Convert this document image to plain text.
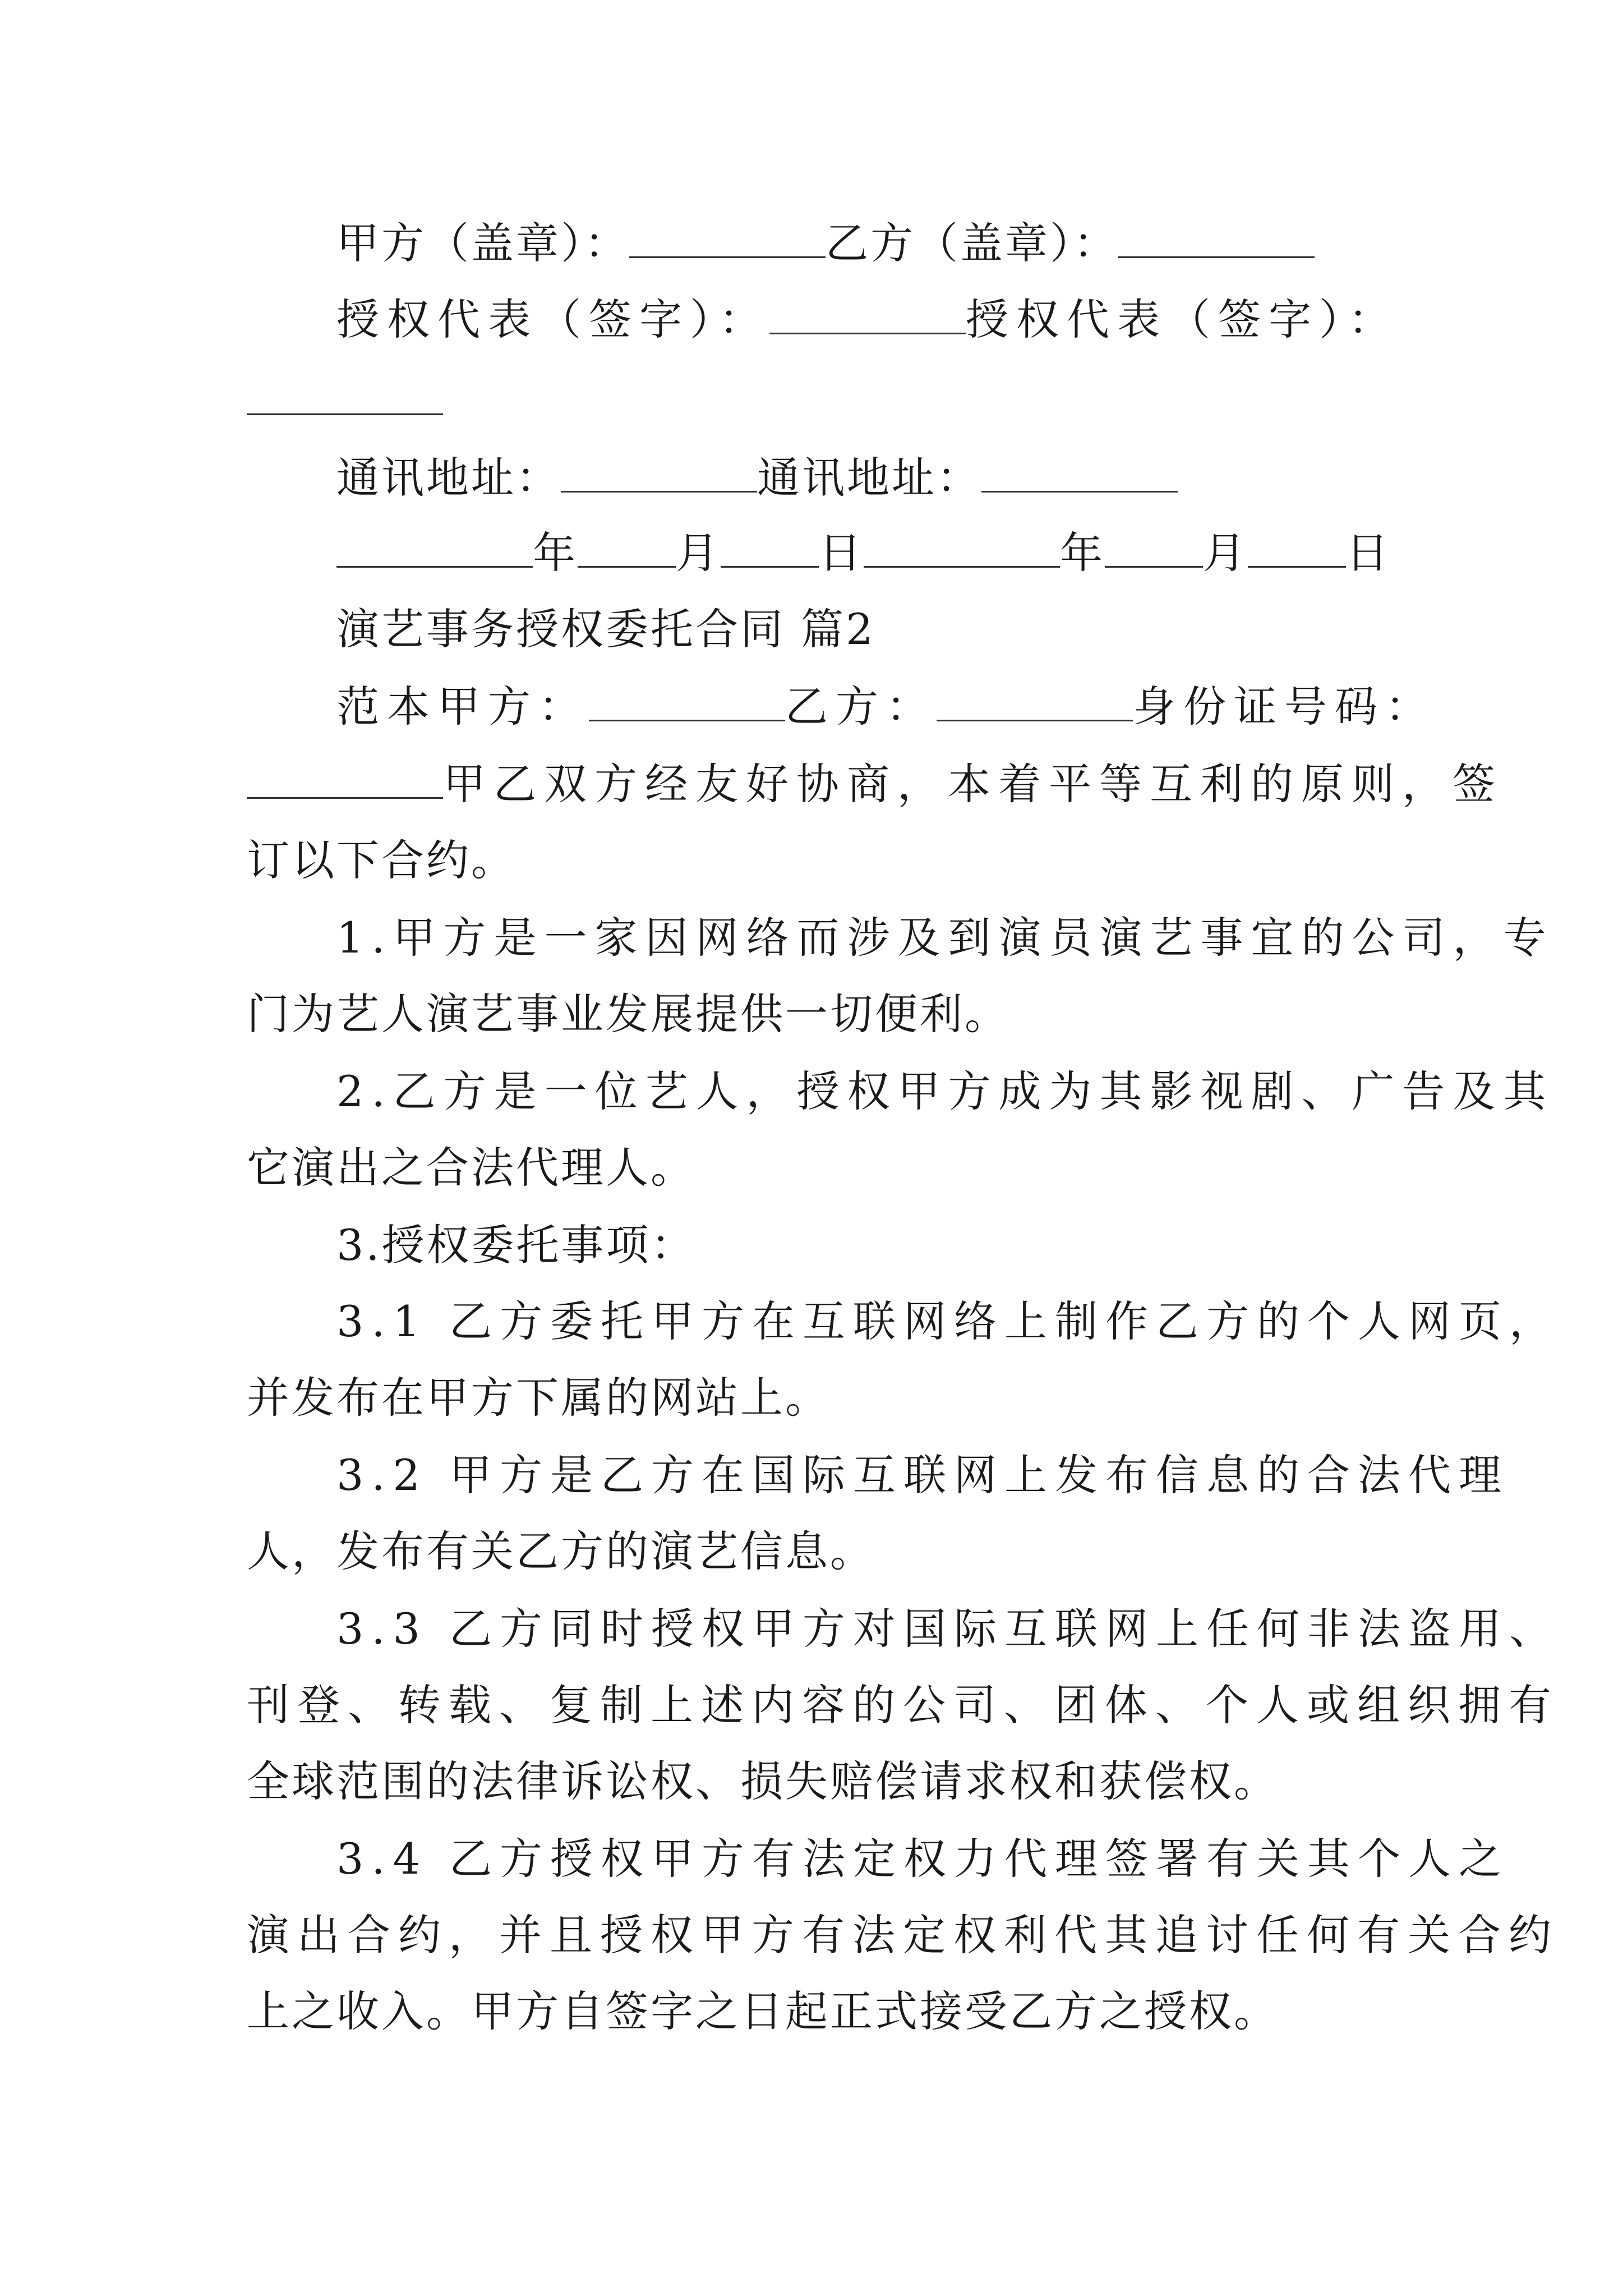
甲方（盖章）：	乙方（盖章）：
授权代表（签字）：	授权代表（签字）：
通讯地址：	通讯地址：
年 月 日	年 月 日
演艺事务授权委托合同 篇2
范本甲方：	乙方：	身份证号码：
甲乙双方经友好协商，本着平等互利的原则，签
订以下合约。
1.甲方是一家因网络而涉及到演员演艺事宜的公司，专
门为艺人演艺事业发展提供一切便利。
2.乙方是一位艺人，授权甲方成为其影视剧、广告及其
它演出之合法代理人。
3.授权委托事项：
3.1 乙方委托甲方在互联网络上制作乙方的个人网页，
并发布在甲方下属的网站上。
3.2 甲方是乙方在国际互联网上发布信息的合法代理
人，发布有关乙方的演艺信息。
3.3 乙方同时授权甲方对国际互联网上任何非法盗用、
刊登、转载、复制上述内容的公司、团体、个人或组织拥有
全球范围的法律诉讼权、损失赔偿请求权和获偿权。
3.4 乙方授权甲方有法定权力代理签署有关其个人之
演出合约，并且授权甲方有法定权利代其追讨任何有关合约
上之收入。甲方自签字之日起正式接受乙方之授权。
